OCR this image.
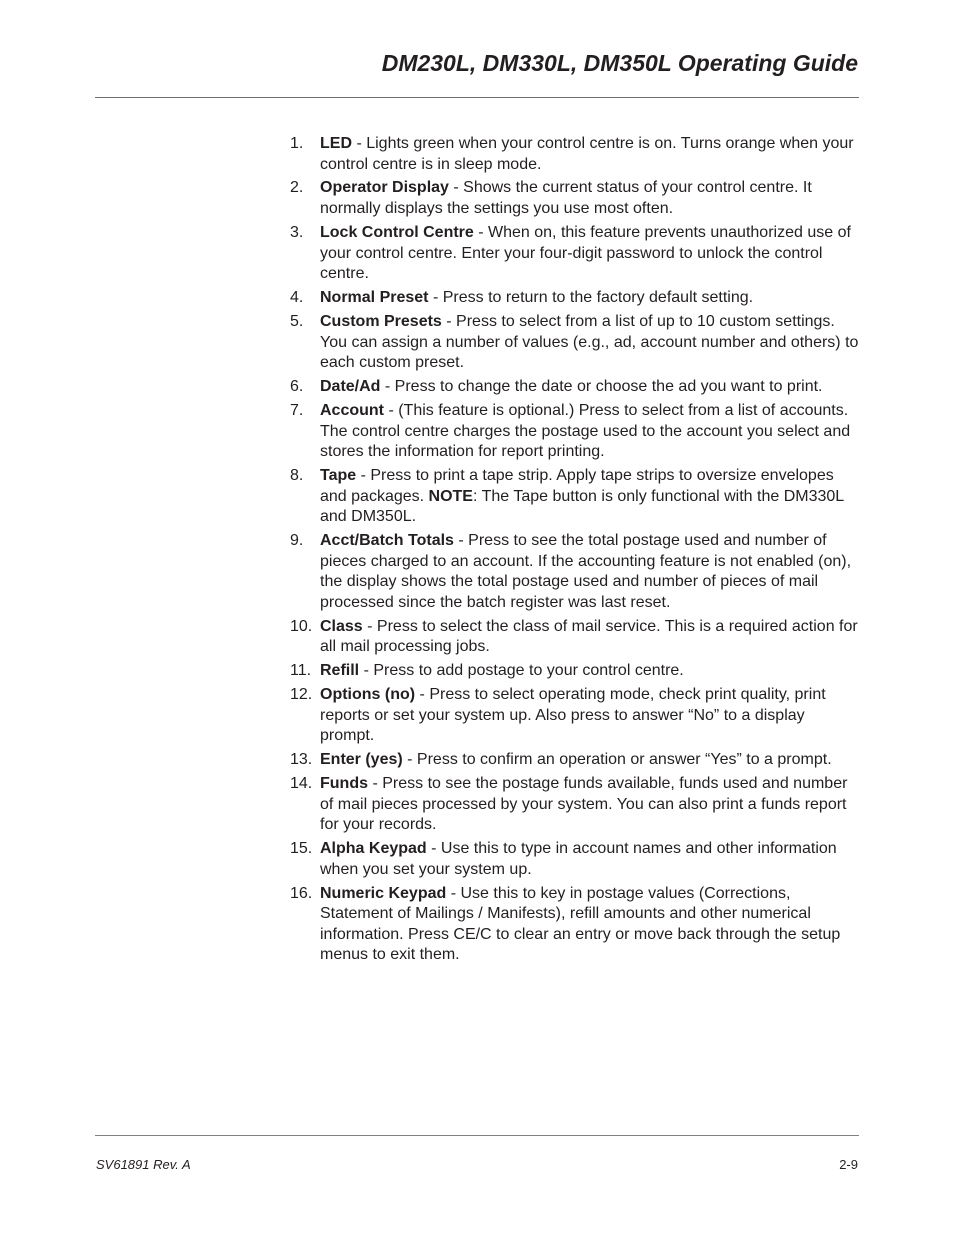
DM230L, DM330L, DM350L Operating Guide
1. LED - Lights green when your control centre is on. Turns orange when your control centre is in sleep mode.
2. Operator Display - Shows the current status of your control centre. It normally displays the settings you use most often.
3. Lock Control Centre - When on, this feature prevents unauthorized use of your control centre. Enter your four-digit password to unlock the control centre.
4. Normal Preset - Press to return to the factory default setting.
5. Custom Presets - Press to select from a list of up to 10 custom settings. You can assign a number of values (e.g., ad, account number and others) to each custom preset.
6. Date/Ad - Press to change the date or choose the ad you want to print.
7. Account - (This feature is optional.) Press to select from a list of accounts. The control centre charges the postage used to the account you select and stores the information for report printing.
8. Tape - Press to print a tape strip. Apply tape strips to oversize envelopes and packages. NOTE: The Tape button is only functional with the DM330L and DM350L.
9. Acct/Batch Totals - Press to see the total postage used and number of pieces charged to an account. If the accounting feature is not enabled (on), the display shows the total postage used and number of pieces of mail processed since the batch register was last reset.
10. Class - Press to select the class of mail service. This is a required action for all mail processing jobs.
11. Refill - Press to add postage to your control centre.
12. Options (no) - Press to select operating mode, check print quality, print reports or set your system up. Also press to answer “No” to a display prompt.
13. Enter (yes) - Press to confirm an operation or answer “Yes” to a prompt.
14. Funds - Press to see the postage funds available, funds used and number of mail pieces processed by your system. You can also print a funds report for your records.
15. Alpha Keypad - Use this to type in account names and other information when you set your system up.
16. Numeric Keypad - Use this to key in postage values (Corrections, Statement of Mailings / Manifests), refill amounts and other numerical information. Press CE/C to clear an entry or move back through the setup menus to exit them.
SV61891 Rev. A	2-9
